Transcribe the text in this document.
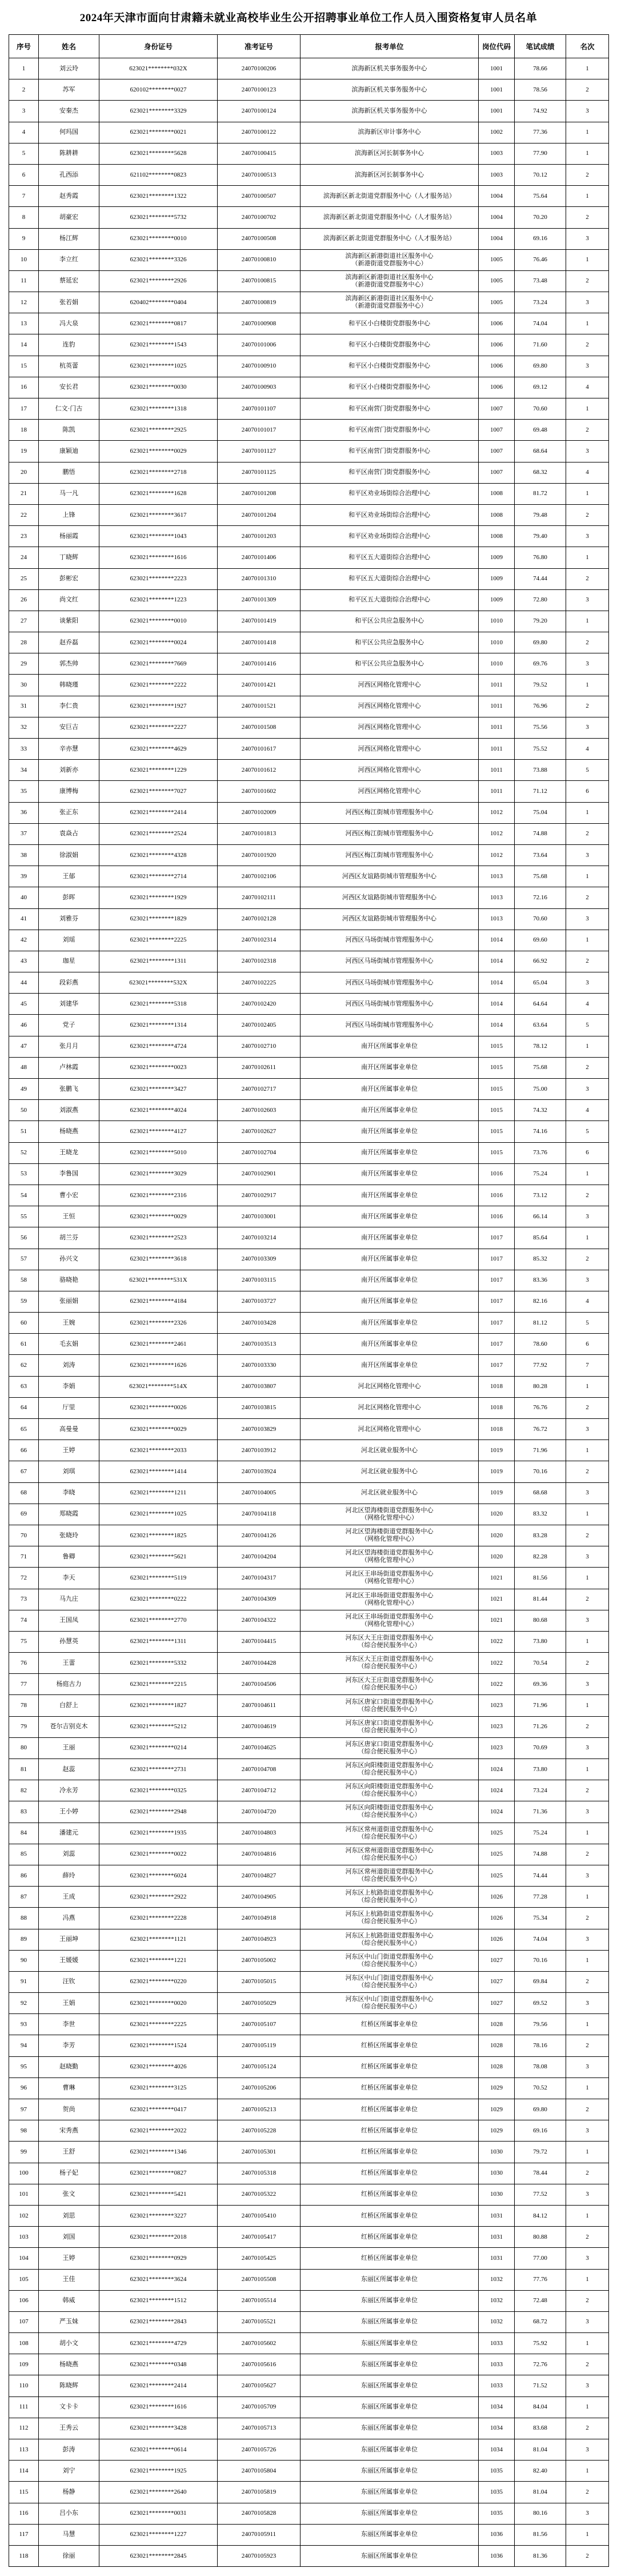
2024年天津市面向甘肃籍未就业高校毕业生公开招聘事业单位工作人员入围资格复审人员名单
序号	姓名	身份证号	准考证号	报考单位	岗位代码	笔试成绩	名次
1	刘云玲	623021********032X	24070100206	滨海新区机关事务服务中心	1001	78.66	1
2	苏军	620102********0027	24070100123	滨海新区机关事务服务中心	1001	78.56	2
3	安秦杰	623021********3329	24070100124	滨海新区机关事务服务中心	1001	74.92	3
4	何玛国	623021********0021	24070100122	滨海新区审计事务中心	1002	77.36	1
5	陈耕耕	623021********5628	24070100415	滨海新区河长制事务中心	1003	77.90	1
6	孔西添	621102********0823	24070100513	滨海新区河长制事务中心	1003	70.12	2
7	赵秀霞	623021********1322	24070100507	滨海新区新北街道党群服务中心（人才服务站）	1004	75.64	1
8	胡豪宏	623021********5732	24070100702	滨海新区新北街道党群服务中心（人才服务站）	1004	70.20	2
9	杨江辉	623021********0010	24070100508	滨海新区新北街道党群服务中心（人才服务站）	1004	69.16	3
10	李立红	623021********3326	24070100810	滨海新区新港街道社区服务中心
（新港街道党群服务中心）	1005	76.46	1
11	蔡延宏	623021********2926	24070100815	滨海新区新港街道社区服务中心
（新港街道党群服务中心）	1005	73.48	2
12	张若娟	620402********0404	24070100819	滨海新区新港街道社区服务中心
（新港街道党群服务中心）	1005	73.24	3
13	冯大泉	623021********0817	24070100908	和平区小白楼街党群服务中心	1006	74.04	1
14	连豹	623021********1543	24070101006	和平区小白楼街党群服务中心	1006	71.60	2
15	杭英蕾	623021********1025	24070100910	和平区小白楼街党群服务中心	1006	69.80	3
16	安长君	623021********0030	24070100903	和平区小白楼街党群服务中心	1006	69.12	4
17	仁文·门古	623021********1318	24070101107	和平区南营门街党群服务中心	1007	70.60	1
18	陈凯	623021********2925	24070101017	和平区南营门街党群服务中心	1007	69.48	2
19	康颖迪	623021********0029	24070101127	和平区南营门街党群服务中心	1007	68.64	3
20	鹏悟	623021********2718	24070101125	和平区南营门街党群服务中心	1007	68.32	4
21	马一凡	623021********1628	24070101208	和平区劝业场街综合治理中心	1008	81.72	1
22	上锋	623021********3617	24070101204	和平区劝业场街综合治理中心	1008	79.48	2
23	杨丽霞	623021********1043	24070101203	和平区劝业场街综合治理中心	1008	79.40	3
24	丁晓辉	623021********1616	24070101406	和平区五大道街综合治理中心	1009	76.80	1
25	彭彬宏	623021********2223	24070101310	和平区五大道街综合治理中心	1009	74.44	2
26	尚文红	623021********1223	24070101309	和平区五大道街综合治理中心	1009	72.80	3
27	谈紫阳	623021********0010	24070101419	和平区公共应急服务中心	1010	79.20	1
28	赵乔磊	623021********0024	24070101418	和平区公共应急服务中心	1010	69.80	2
29	郭杰帅	623021********7669	24070101416	和平区公共应急服务中心	1010	69.76	3
30	韩晓瑾	623021********2222	24070101421	河西区网格化管理中心	1011	79.52	1
31	李仁贵	623021********1927	24070101521	河西区网格化管理中心	1011	76.96	2
32	安巨吉	623021********2227	24070101508	河西区网格化管理中心	1011	75.56	3
33	辛亦慧	623021********4629	24070101617	河西区网格化管理中心	1011	75.52	4
34	刘新亦	623021********1229	24070101612	河西区网格化管理中心	1011	73.88	5
35	康博梅	623021********7027	24070101602	河西区网格化管理中心	1011	71.12	6
36	张正东	623021********2414	24070102009	河西区梅江街城市管理服务中心	1012	75.04	1
37	袁焱占	623021********2524	24070101813	河西区梅江街城市管理服务中心	1012	74.88	2
38	徐淑娟	623021********4328	24070101920	河西区梅江街城市管理服务中心	1012	73.64	3
39	王郁	623021********2714	24070102106	河西区友谊路街城市管理服务中心	1013	75.68	1
40	彭晖	623021********1929	24070102111	河西区友谊路街城市管理服务中心	1013	72.16	2
41	刘雅芬	623021********1829	24070102128	河西区友谊路街城市管理服务中心	1013	70.60	3
42	刘瑶	623021********2225	24070102314	河西区马场街城市管理服务中心	1014	69.60	1
43	珈星	623021********1311	24070102318	河西区马场街城市管理服务中心	1014	66.92	2
44	段彩燕	623021********532X	24070102225	河西区马场街城市管理服务中心	1014	65.04	3
45	刘建华	623021********5318	24070102420	河西区马场街城市管理服务中心	1014	64.64	4
46	党子	623021********1314	24070102405	河西区马场街城市管理服务中心	1014	63.64	5
47	张月月	623021********4724	24070102710	南开区所属事业单位	1015	78.12	1
48	卢林霞	623021********0023	24070102611	南开区所属事业单位	1015	75.68	2
49	张鹏飞	623021********3427	24070102717	南开区所属事业单位	1015	75.00	3
50	刘淑燕	623021********4024	24070102603	南开区所属事业单位	1015	74.32	4
51	杨晓燕	623021********4127	24070102627	南开区所属事业单位	1015	74.16	5
52	王晓龙	623021********5010	24070102704	南开区所属事业单位	1015	73.76	6
53	李鲁国	623021********3029	24070102901	南开区所属事业单位	1016	75.24	1
54	曹小宏	623021********2316	24070102917	南开区所属事业单位	1016	73.12	2
55	王恒	623021********0029	24070103001	南开区所属事业单位	1016	66.14	3
56	胡兰芬	623021********2523	24070103214	南开区所属事业单位	1017	85.64	1
57	孙兴文	623021********3618	24070103309	南开区所属事业单位	1017	85.32	2
58	骆晓艳	623021********531X	24070103115	南开区所属事业单位	1017	83.36	3
59	张丽娟	623021********4184	24070103727	南开区所属事业单位	1017	82.16	4
60	王婉	623021********2326	24070103428	南开区所属事业单位	1017	81.12	5
61	毛玄娟	623021********2461	24070103513	南开区所属事业单位	1017	78.60	6
62	刘涛	623021********1626	24070103330	南开区所属事业单位	1017	77.92	7
63	李娟	623021********514X	24070103807	河北区网格化管理中心	1018	80.28	1
64	厅里	623021********0026	24070103815	河北区网格化管理中心	1018	76.76	2
65	高曼曼	623021********0029	24070103829	河北区网格化管理中心	1018	76.72	3
66	王婷	623021********2033	24070103912	河北区就业服务中心	1019	71.96	1
67	刘琪	623021********1414	24070103924	河北区就业服务中心	1019	70.16	2
68	李晓	623021********1211	24070104005	河北区就业服务中心	1019	68.68	3
69	郑晓霞	623021********1025	24070104118	河北区望海楼街道党群服务中心
（网格化管理中心）	1020	83.32	1
70	张晓玲	623021********1825	24070104126	河北区望海楼街道党群服务中心
（网格化管理中心）	1020	83.28	2
71	鲁卿	623021********5621	24070104204	河北区望海楼街道党群服务中心
（网格化管理中心）	1020	82.28	3
72	李天	623021********5119	24070104317	河北区王串场街道党群服务中心
（网格化管理中心）	1021	81.56	1
73	马九庄	623021********0222	24070104309	河北区王串场街道党群服务中心
（网格化管理中心）	1021	81.44	2
74	王国凤	623021********2770	24070104322	河北区王串场街道党群服务中心
（网格化管理中心）	1021	80.68	3
75	孙慧英	623021********1311	24070104415	河东区大王庄街道党群服务中心
（综合便民服务中心）	1022	73.80	1
76	王蕾	623021********5332	24070104428	河东区大王庄街道党群服务中心
（综合便民服务中心）	1022	70.54	2
77	杨庭古力	623021********2215	24070104506	河东区大王庄街道党群服务中心
（综合便民服务中心）	1022	69.36	3
78	白舒上	623021********1827	24070104611	河东区唐家口街道党群服务中心
（综合便民服务中心）	1023	71.96	1
79	苍尔吉别克木	623021********5212	24070104619	河东区唐家口街道党群服务中心
（综合便民服务中心）	1023	71.26	2
80	王丽	623021********0214	24070104625	河东区唐家口街道党群服务中心
（综合便民服务中心）	1023	70.69	3
81	赵蕊	623021********2731	24070104708	河东区向阳楼街道党群服务中心
（综合便民服务中心）	1024	73.80	1
82	冷永芳	623021********0325	24070104712	河东区向阳楼街道党群服务中心
（综合便民服务中心）	1024	73.24	2
83	王小婷	623021********2948	24070104720	河东区向阳楼街道党群服务中心
（综合便民服务中心）	1024	71.36	3
84	潘建元	623021********1935	24070104803	河东区常州道街道党群服务中心
（综合便民服务中心）	1025	75.24	1
85	刘蕊	623021********0022	24070104816	河东区常州道街道党群服务中心
（综合便民服务中心）	1025	74.88	2
86	薛玲	623021********6024	24070104827	河东区常州道街道党群服务中心
（综合便民服务中心）	1025	74.44	3
87	王成	623021********2922	24070104905	河东区上杭路街道党群服务中心
（综合便民服务中心）	1026	77.28	1
88	冯燕	623021********2228	24070104918	河东区上杭路街道党群服务中心
（综合便民服务中心）	1026	75.34	2
89	王丽坤	623021********1121	24070104923	河东区上杭路街道党群服务中心
（综合便民服务中心）	1026	74.04	3
90	王媛媛	623021********1221	24070105002	河东区中山门街道党群服务中心
（综合便民服务中心）	1027	70.16	1
91	汪钦	623021********0220	24070105015	河东区中山门街道党群服务中心
（综合便民服务中心）	1027	69.84	2
92	王娟	623021********0020	24070105029	河东区中山门街道党群服务中心
（综合便民服务中心）	1027	69.52	3
93	李世	623021********2225	24070105107	红桥区所属事业单位	1028	79.56	1
94	李芳	623021********1524	24070105119	红桥区所属事业单位	1028	78.16	2
95	赵晓勤	623021********4026	24070105124	红桥区所属事业单位	1028	78.08	3
96	曹琳	623021********3125	24070105206	红桥区所属事业单位	1029	70.52	1
97	贺尚	623021********0417	24070105213	红桥区所属事业单位	1029	69.80	2
98	宋秀燕	623021********2022	24070105228	红桥区所属事业单位	1029	69.16	3
99	王舒	623021********1346	24070105301	红桥区所属事业单位	1030	79.72	1
100	杨子妃	623021********0827	24070105318	红桥区所属事业单位	1030	78.44	2
101	张文	623021********5421	24070105322	红桥区所属事业单位	1030	77.52	3
102	刘思	623021********3227	24070105410	红桥区所属事业单位	1031	84.12	1
103	刘国	623021********2018	24070105417	红桥区所属事业单位	1031	80.88	2
104	王婷	623021********0929	24070105425	红桥区所属事业单位	1031	77.00	3
105	王佳	623021********3624	24070105508	东丽区所属事业单位	1032	77.76	1
106	韩威	623021********1512	24070105514	东丽区所属事业单位	1032	72.48	2
107	严玉妹	623021********2843	24070105521	东丽区所属事业单位	1032	68.72	3
108	胡小文	623021********4729	24070105602	东丽区所属事业单位	1033	75.92	1
109	杨晓燕	623021********0348	24070105616	东丽区所属事业单位	1033	72.76	2
110	陈晓辉	623021********2414	24070105627	东丽区所属事业单位	1033	71.52	3
111	文卡卡	623021********1616	24070105709	东丽区所属事业单位	1034	84.04	1
112	王秀云	623021********3428	24070105713	东丽区所属事业单位	1034	83.68	2
113	彭涛	623021********0614	24070105726	东丽区所属事业单位	1034	81.04	3
114	刘宁	623021********1925	24070105804	东丽区所属事业单位	1035	82.40	1
115	杨静	623021********2640	24070105819	东丽区所属事业单位	1035	81.04	2
116	吕小东	623021********0031	24070105828	东丽区所属事业单位	1035	80.16	3
117	马慧	623021********1227	24070105911	东丽区所属事业单位	1036	81.56	1
118	徐丽	623021********2845	24070105923	东丽区所属事业单位	1036	81.36	2
